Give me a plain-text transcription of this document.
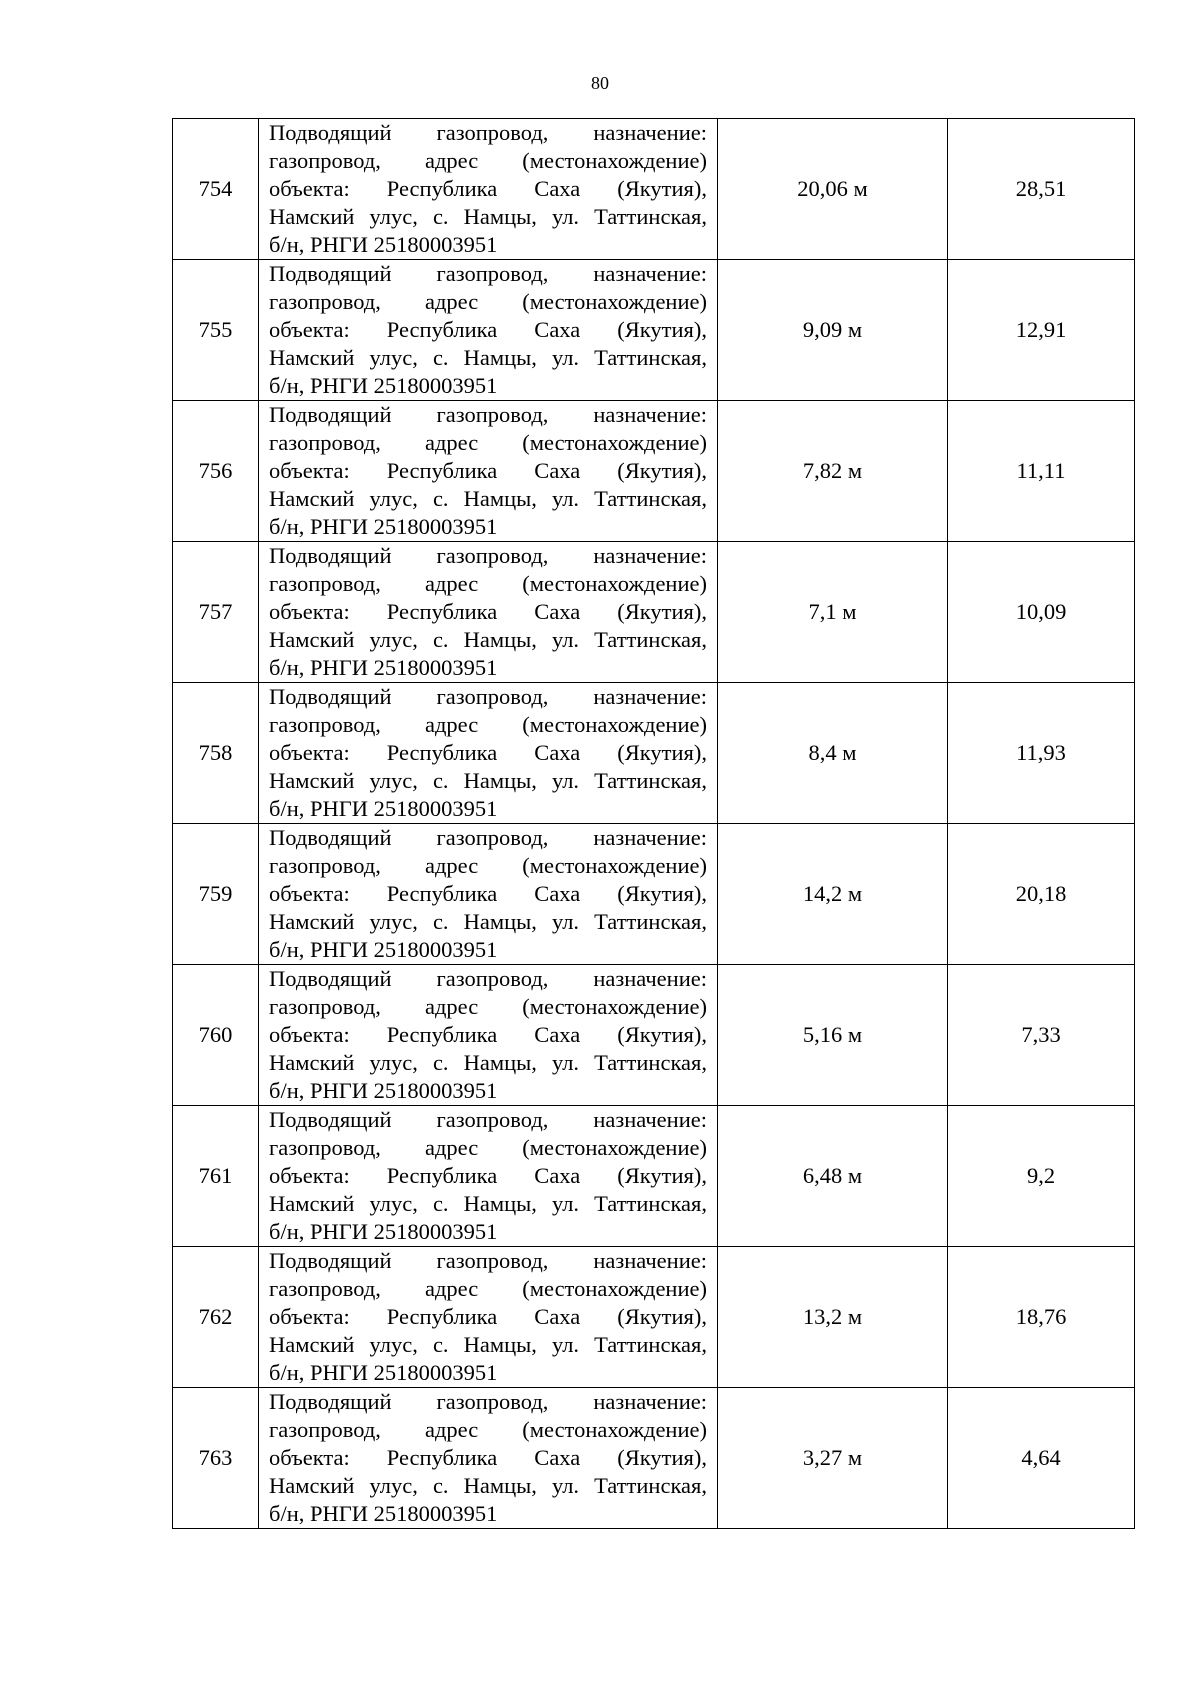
80
754	Подводящий газопровод, назначение:
газопровод, адрес (местонахождение)
объекта: Республика Саха (Якутия),
Намский улус, с. Намцы, ул. Таттинская,
б/н, РНГИ 25180003951	20,06 м	28,51
755	Подводящий газопровод, назначение:
газопровод, адрес (местонахождение)
объекта: Республика Саха (Якутия),
Намский улус, с. Намцы, ул. Таттинская,
б/н, РНГИ 25180003951	9,09 м	12,91
756	Подводящий газопровод, назначение:
газопровод, адрес (местонахождение)
объекта: Республика Саха (Якутия),
Намский улус, с. Намцы, ул. Таттинская,
б/н, РНГИ 25180003951	7,82 м	11,11
757	Подводящий газопровод, назначение:
газопровод, адрес (местонахождение)
объекта: Республика Саха (Якутия),
Намский улус, с. Намцы, ул. Таттинская,
б/н, РНГИ 25180003951	7,1 м	10,09
758	Подводящий газопровод, назначение:
газопровод, адрес (местонахождение)
объекта: Республика Саха (Якутия),
Намский улус, с. Намцы, ул. Таттинская,
б/н, РНГИ 25180003951	8,4 м	11,93
759	Подводящий газопровод, назначение:
газопровод, адрес (местонахождение)
объекта: Республика Саха (Якутия),
Намский улус, с. Намцы, ул. Таттинская,
б/н, РНГИ 25180003951	14,2 м	20,18
760	Подводящий газопровод, назначение:
газопровод, адрес (местонахождение)
объекта: Республика Саха (Якутия),
Намский улус, с. Намцы, ул. Таттинская,
б/н, РНГИ 25180003951	5,16 м	7,33
761	Подводящий газопровод, назначение:
газопровод, адрес (местонахождение)
объекта: Республика Саха (Якутия),
Намский улус, с. Намцы, ул. Таттинская,
б/н, РНГИ 25180003951	6,48 м	9,2
762	Подводящий газопровод, назначение:
газопровод, адрес (местонахождение)
объекта: Республика Саха (Якутия),
Намский улус, с. Намцы, ул. Таттинская,
б/н, РНГИ 25180003951	13,2 м	18,76
763	Подводящий газопровод, назначение:
газопровод, адрес (местонахождение)
объекта: Республика Саха (Якутия),
Намский улус, с. Намцы, ул. Таттинская,
б/н, РНГИ 25180003951	3,27 м	4,64
